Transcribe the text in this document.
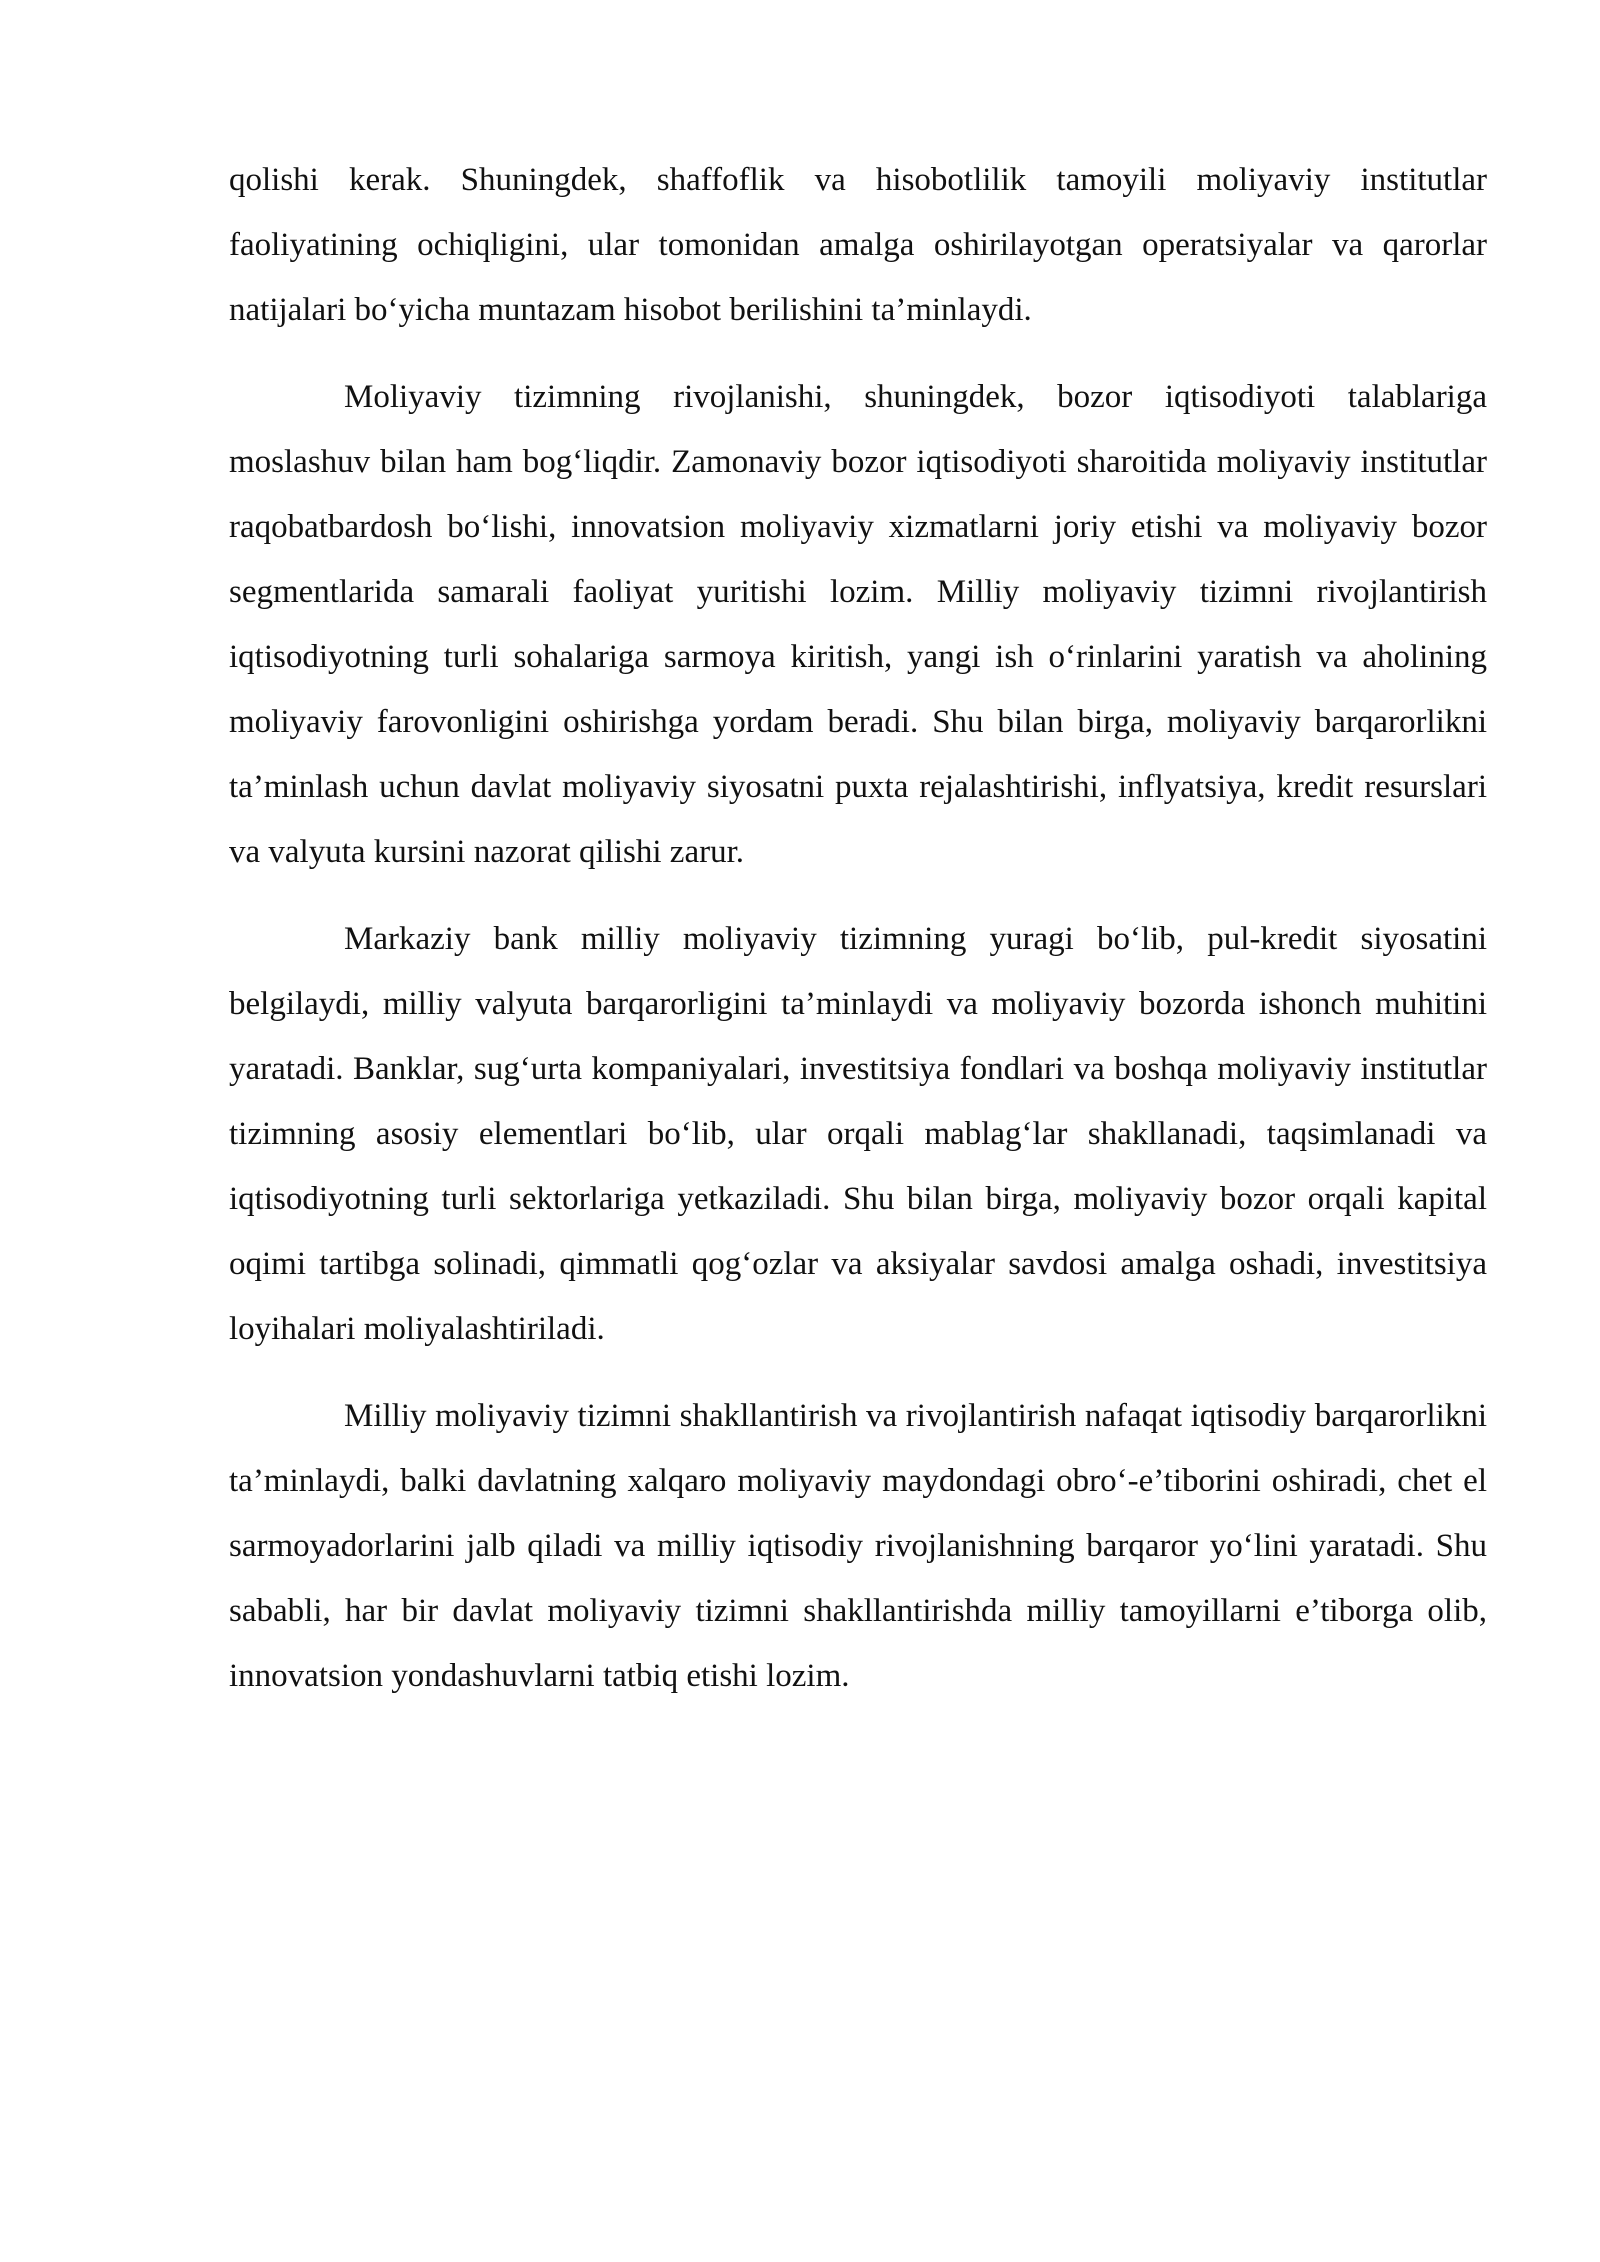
qolishi kerak. Shuningdek, shaffoflik va hisobotlilik tamoyili moliyaviy institutlar faoliyatining ochiqligini, ular tomonidan amalga oshirilayotgan operatsiyalar va qarorlar natijalari bo‘yicha muntazam hisobot berilishini ta’minlaydi.

Moliyaviy tizimning rivojlanishi, shuningdek, bozor iqtisodiyoti talablariga moslashuv bilan ham bog‘liqdir. Zamonaviy bozor iqtisodiyoti sharoitida moliyaviy institutlar raqobatbardosh bo‘lishi, innovatsion moliyaviy xizmatlarni joriy etishi va moliyaviy bozor segmentlarida samarali faoliyat yuritishi lozim. Milliy moliyaviy tizimni rivojlantirish iqtisodiyotning turli sohalariga sarmoya kiritish, yangi ish o‘rinlarini yaratish va aholining moliyaviy farovonligini oshirishga yordam beradi. Shu bilan birga, moliyaviy barqarorlikni ta’minlash uchun davlat moliyaviy siyosatni puxta rejalashtirishi, inflyatsiya, kredit resurslari va valyuta kursini nazorat qilishi zarur.

Markaziy bank milliy moliyaviy tizimning yuragi bo‘lib, pul-kredit siyosatini belgilaydi, milliy valyuta barqarorligini ta’minlaydi va moliyaviy bozorda ishonch muhitini yaratadi. Banklar, sug‘urta kompaniyalari, investitsiya fondlari va boshqa moliyaviy institutlar tizimning asosiy elementlari bo‘lib, ular orqali mablag‘lar shakllanadi, taqsimlanadi va iqtisodiyotning turli sektorlariga yetkaziladi. Shu bilan birga, moliyaviy bozor orqali kapital oqimi tartibga solinadi, qimmatli qog‘ozlar va aksiyalar savdosi amalga oshadi, investitsiya loyihalari moliyalashtiriladi.

Milliy moliyaviy tizimni shakllantirish va rivojlantirish nafaqat iqtisodiy barqarorlikni ta’minlaydi, balki davlatning xalqaro moliyaviy maydondagi obro‘-e’tiborini oshiradi, chet el sarmoyadorlarini jalb qiladi va milliy iqtisodiy rivojlanishning barqaror yo‘lini yaratadi. Shu sababli, har bir davlat moliyaviy tizimni shakllantirishda milliy tamoyillarni e’tiborga olib, innovatsion yondashuvlarni tatbiq etishi lozim.
